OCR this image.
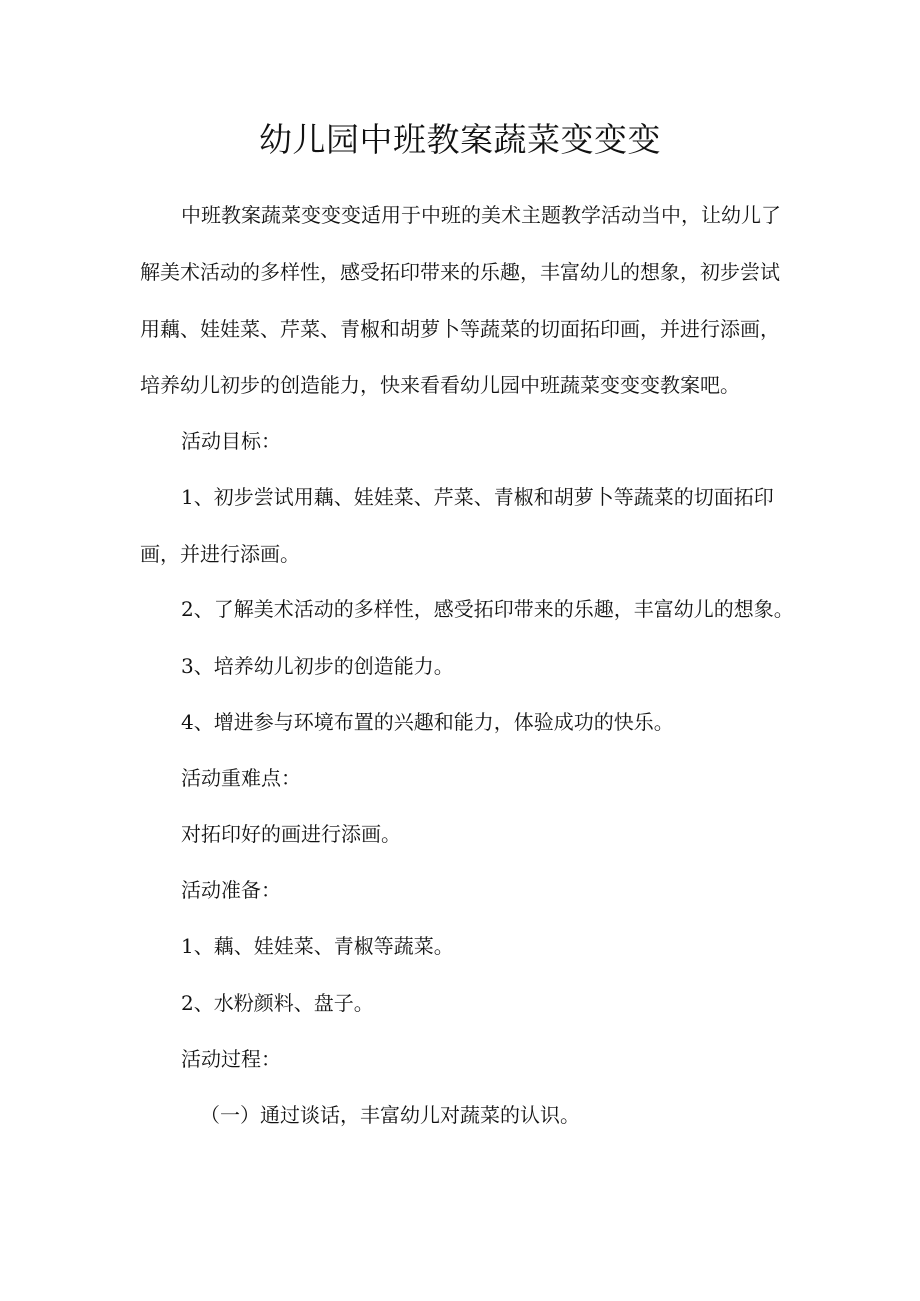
幼儿园中班教案蔬菜变变变
中班教案蔬菜变变变适用于中班的美术主题教学活动当中，让幼儿了
解美术活动的多样性，感受拓印带来的乐趣，丰富幼儿的想象，初步尝试
用藕、娃娃菜、芹菜、青椒和胡萝卜等蔬菜的切面拓印画，并进行添画，
培养幼儿初步的创造能力，快来看看幼儿园中班蔬菜变变变教案吧。
活动目标：
1、初步尝试用藕、娃娃菜、芹菜、青椒和胡萝卜等蔬菜的切面拓印
画，并进行添画。
2、了解美术活动的多样性，感受拓印带来的乐趣，丰富幼儿的想象。
3、培养幼儿初步的创造能力。
4、增进参与环境布置的兴趣和能力，体验成功的快乐。
活动重难点：
对拓印好的画进行添画。
活动准备：
1、藕、娃娃菜、青椒等蔬菜。
2、水粉颜料、盘子。
活动过程：
（一）通过谈话，丰富幼儿对蔬菜的认识。
